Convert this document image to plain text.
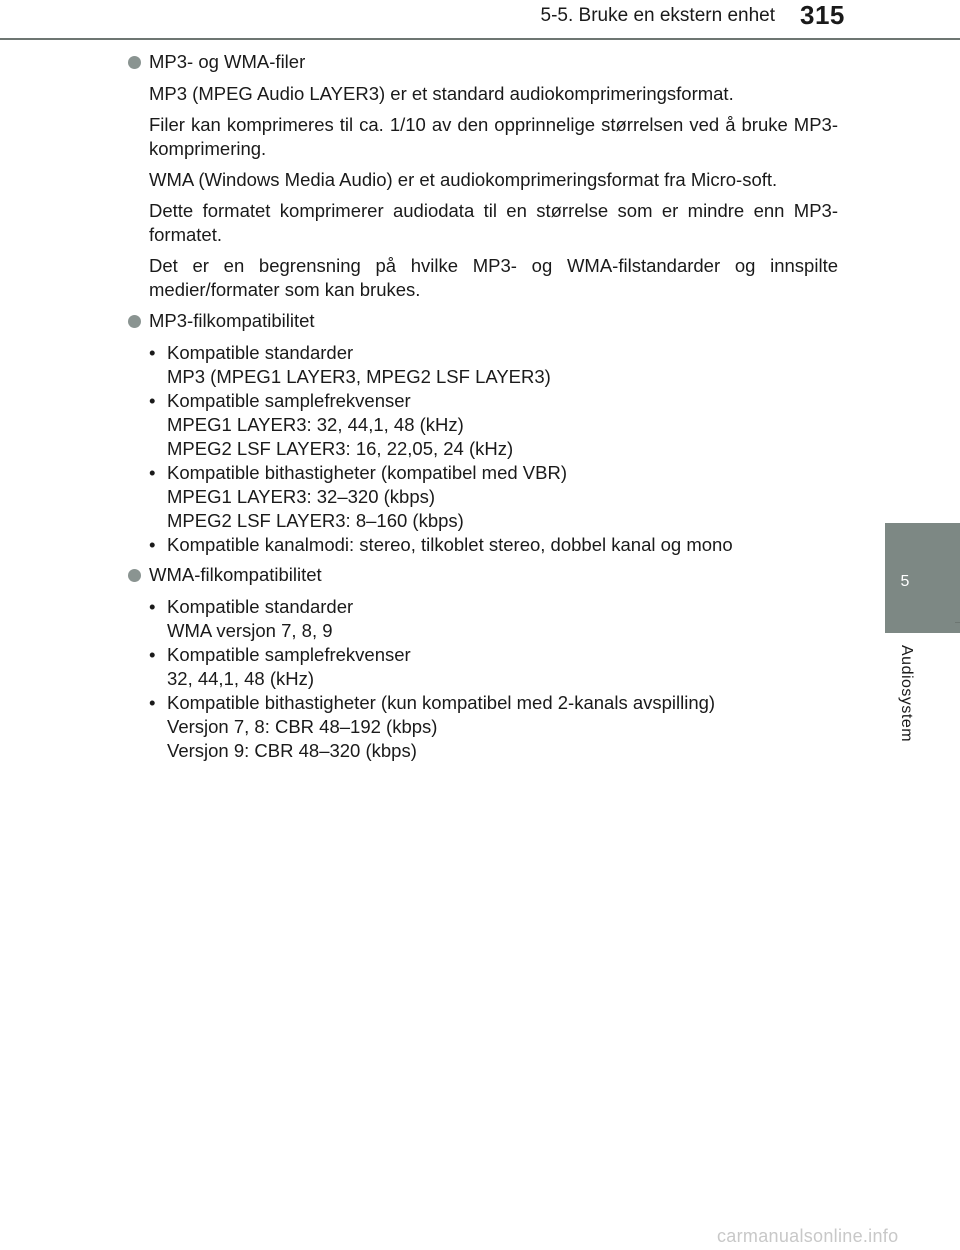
5-5. Bruke en ekstern enhet 315
5
Audiosystem
MP3- og WMA-filer

MP3 (MPEG Audio LAYER3) er et standard audiokomprimeringsformat.

Filer kan komprimeres til ca. 1/10 av den opprinnelige størrelsen ved å bruke MP3-komprimering.

WMA (Windows Media Audio) er et audiokomprimeringsformat fra Micro-soft.

Dette formatet komprimerer audiodata til en størrelse som er mindre enn MP3-formatet.

Det er en begrensning på hvilke MP3- og WMA-filstandarder og innspilte medier/formater som kan brukes.

MP3-filkompatibilitet
• Kompatible standarder
MP3 (MPEG1 LAYER3, MPEG2 LSF LAYER3)
• Kompatible samplefrekvenser
MPEG1 LAYER3: 32, 44,1, 48 (kHz)
MPEG2 LSF LAYER3: 16, 22,05, 24 (kHz)
• Kompatible bithastigheter (kompatibel med VBR)
MPEG1 LAYER3: 32–320 (kbps)
MPEG2 LSF LAYER3: 8–160 (kbps)
• Kompatible kanalmodi: stereo, tilkoblet stereo, dobbel kanal og mono
WMA-filkompatibilitet
• Kompatible standarder
WMA versjon 7, 8, 9
• Kompatible samplefrekvenser
32, 44,1, 48 (kHz)
• Kompatible bithastigheter (kun kompatibel med 2-kanals avspilling)
Versjon 7, 8: CBR 48–192 (kbps)
Versjon 9: CBR 48–320 (kbps)
carmanualsonline.info
